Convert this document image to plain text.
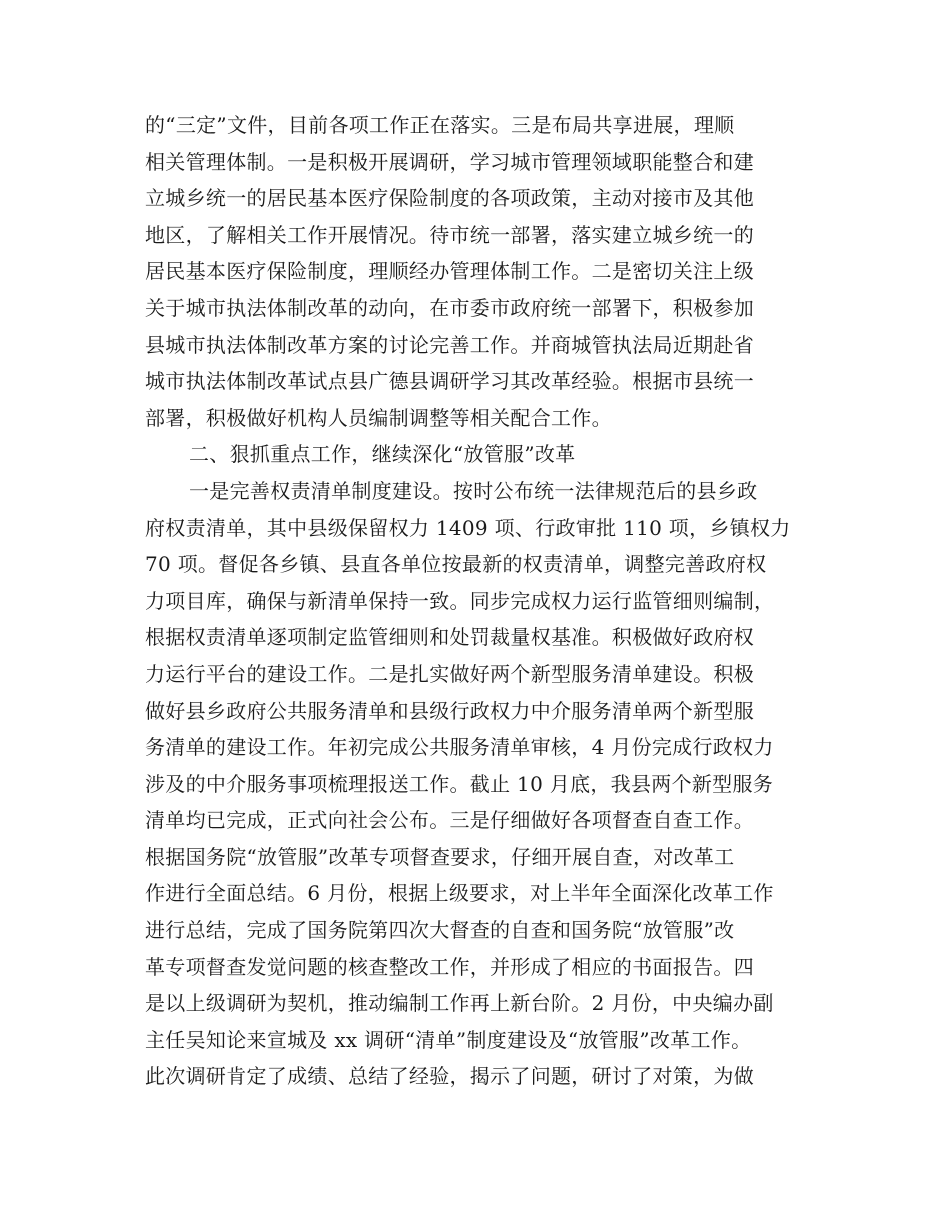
的“三定”文件，目前各项工作正在落实。三是布局共享进展，理顺
相关管理体制。一是积极开展调研，学习城市管理领域职能整合和建
立城乡统一的居民基本医疗保险制度的各项政策，主动对接市及其他
地区，了解相关工作开展情况。待市统一部署，落实建立城乡统一的
居民基本医疗保险制度，理顺经办管理体制工作。二是密切关注上级
关于城市执法体制改革的动向，在市委市政府统一部署下，积极参加
县城市执法体制改革方案的讨论完善工作。并商城管执法局近期赴省
城市执法体制改革试点县广德县调研学习其改革经验。根据市县统一
部署，积极做好机构人员编制调整等相关配合工作。
二、狠抓重点工作，继续深化“放管服”改革
一是完善权责清单制度建设。按时公布统一法律规范后的县乡政
府权责清单，其中县级保留权力 1409 项、行政审批 110 项，乡镇权力
70 项。督促各乡镇、县直各单位按最新的权责清单，调整完善政府权
力项目库，确保与新清单保持一致。同步完成权力运行监管细则编制，
根据权责清单逐项制定监管细则和处罚裁量权基准。积极做好政府权
力运行平台的建设工作。二是扎实做好两个新型服务清单建设。积极
做好县乡政府公共服务清单和县级行政权力中介服务清单两个新型服
务清单的建设工作。年初完成公共服务清单审核，4 月份完成行政权力
涉及的中介服务事项梳理报送工作。截止 10 月底，我县两个新型服务
清单均已完成，正式向社会公布。三是仔细做好各项督查自查工作。
根据国务院“放管服”改革专项督查要求，仔细开展自查，对改革工
作进行全面总结。6 月份，根据上级要求，对上半年全面深化改革工作
进行总结，完成了国务院第四次大督查的自查和国务院“放管服”改
革专项督查发觉问题的核查整改工作，并形成了相应的书面报告。四
是以上级调研为契机，推动编制工作再上新台阶。2 月份，中央编办副
主任吴知论来宣城及 xx 调研“清单”制度建设及“放管服”改革工作。
此次调研肯定了成绩、总结了经验，揭示了问题，研讨了对策，为做
